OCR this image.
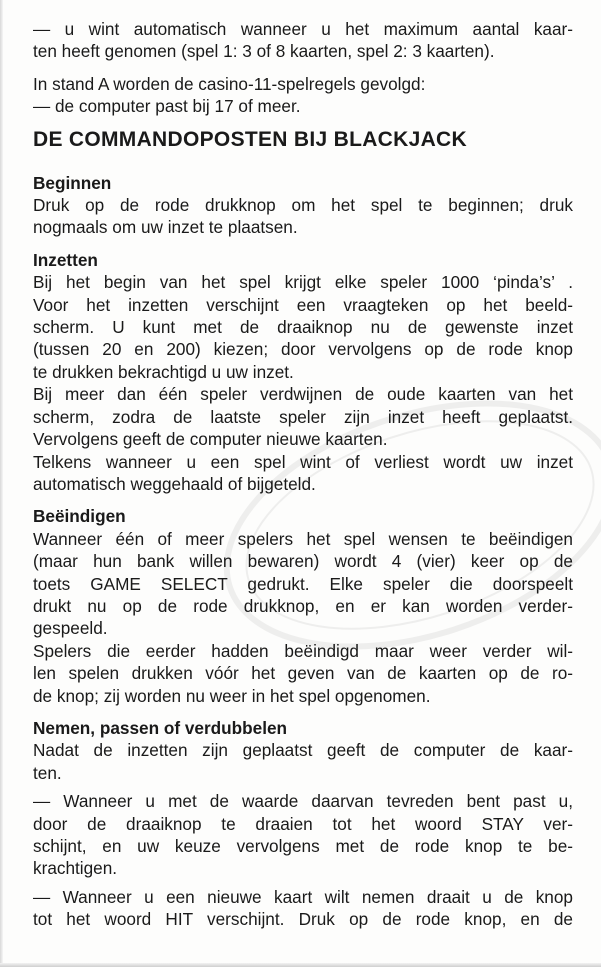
— u wint automatisch wanneer u het maximum aantal kaar-
ten heeft genomen (spel 1: 3 of 8 kaarten, spel 2: 3 kaarten).
In stand A worden de casino-11-spelregels gevolgd:
— de computer past bij 17 of meer.
DE COMMANDOPOSTEN BIJ BLACKJACK
Beginnen
Druk op de rode drukknop om het spel te beginnen; druk
nogmaals om uw inzet te plaatsen.
Inzetten
Bij het begin van het spel krijgt elke speler 1000 ‘pinda’s’ .
Voor het inzetten verschijnt een vraagteken op het beeld-
scherm. U kunt met de draaiknop nu de gewenste inzet
(tussen 20 en 200) kiezen; door vervolgens op de rode knop
te drukken bekrachtigd u uw inzet.
Bij meer dan één speler verdwijnen de oude kaarten van het
scherm, zodra de laatste speler zijn inzet heeft geplaatst.
Vervolgens geeft de computer nieuwe kaarten.
Telkens wanneer u een spel wint of verliest wordt uw inzet
automatisch weggehaald of bijgeteld.
Beëindigen
Wanneer één of meer spelers het spel wensen te beëindigen
(maar hun bank willen bewaren) wordt 4 (vier) keer op de
toets GAME SELECT gedrukt. Elke speler die doorspeelt
drukt nu op de rode drukknop, en er kan worden verder-
gespeeld.
Spelers die eerder hadden beëindigd maar weer verder wil-
len spelen drukken vóór het geven van de kaarten op de ro-
de knop; zij worden nu weer in het spel opgenomen.
Nemen, passen of verdubbelen
Nadat de inzetten zijn geplaatst geeft de computer de kaar-
ten.
— Wanneer u met de waarde daarvan tevreden bent past u,
door de draaiknop te draaien tot het woord STAY ver-
schijnt, en uw keuze vervolgens met de rode knop te be-
krachtigen.
— Wanneer u een nieuwe kaart wilt nemen draait u de knop
tot het woord HIT verschijnt. Druk op de rode knop, en de
